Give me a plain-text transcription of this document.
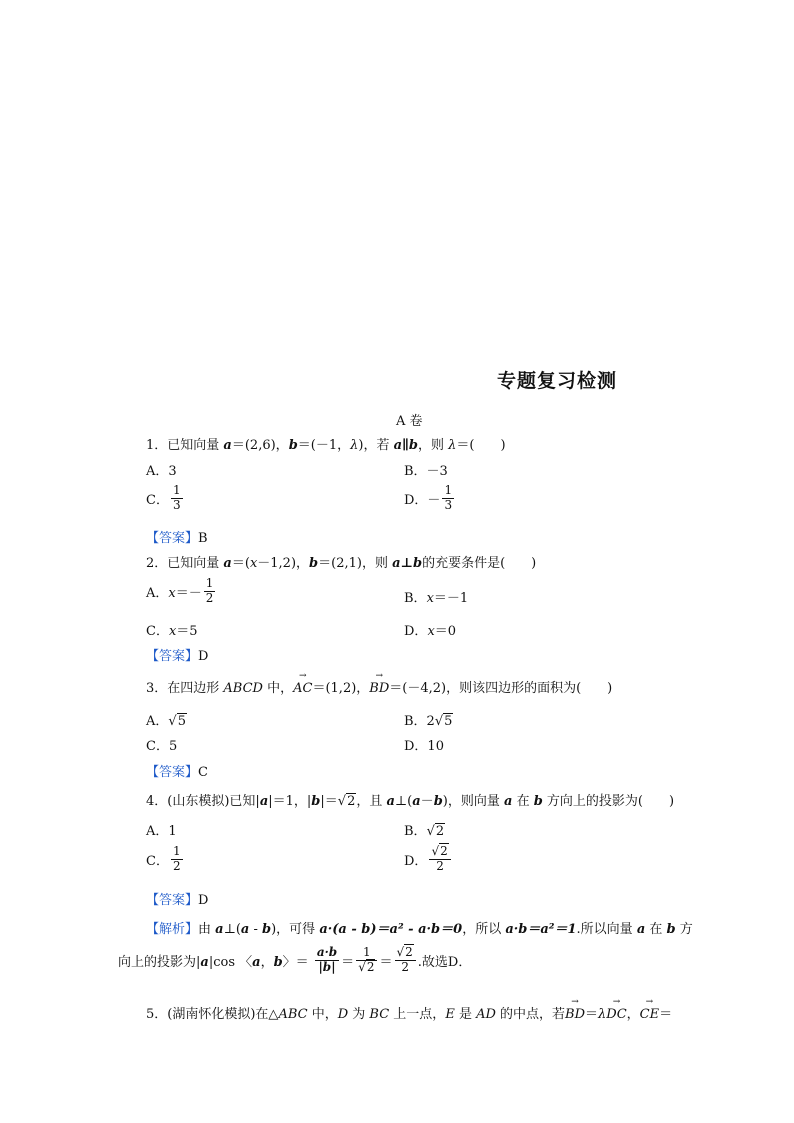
专题复习检测
A 卷
1．已知向量 a＝(2,6)，b＝(－1，λ)，若 a∥b，则 λ＝(　　)
A．3	B．－3
C． $\frac{1}{3}$	D．－ $\frac{1}{3}$
【答案】B
2．已知向量 a＝(x－1,2)，b＝(2,1)，则 a⊥b的充要条件是(　　)
A．$x=- \frac{1}{2}$	B．x＝－1
C．x＝5	D．x＝0
【答案】D
3．在四边形 ABCD 中，→ AC＝(1,2)，→ BD＝(－4,2)，则该四边形的面积为(　　)
A．√5	B．2√5
C．5	D．10
【答案】C
4．(山东模拟)已知|a|＝1，|b|＝√2，且 a⊥(a－b)，则向量 a 在 b 方向上的投影为(　　)
A．1	B．√2
C． $\frac{1}{2}$	D． $\frac{√2}{2}$
【答案】D
【解析】由 a⊥(a - b)，可得 a·(a - b)＝a² - a·b＝0，所以 a·b＝a²＝1.所以向量 a 在 b 方
向上的投影为|a|cos 〈a，b〉＝ $\frac{a\cdot b}{|b|} = \frac{1}{√2} = \frac{√2}{2}$ .故选D．
5．(湖南怀化模拟)在△ABC 中，D 为 BC 上一点，E 是 AD 的中点，若→ BD＝λ→ DC，→ CE＝
